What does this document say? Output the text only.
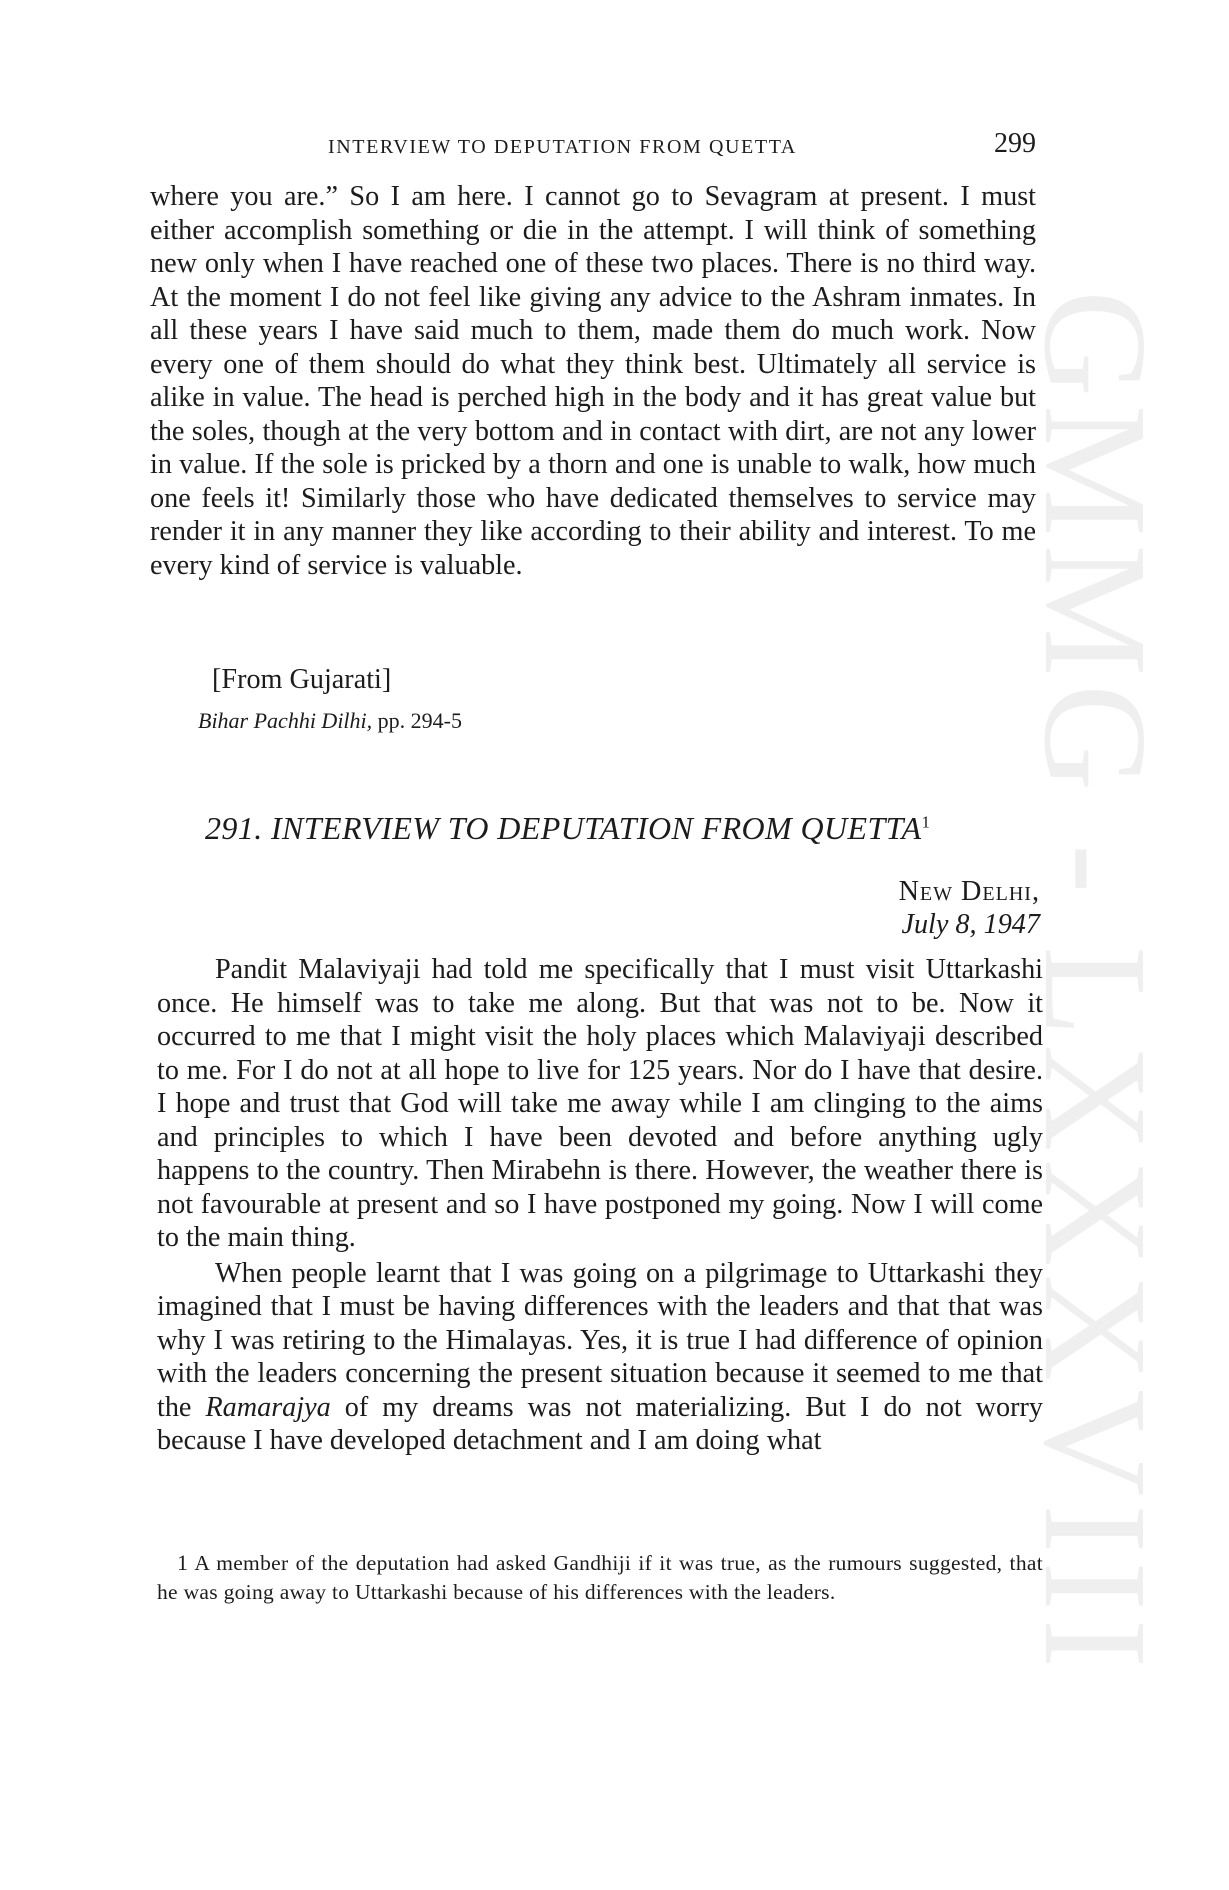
GMMG - LXXXVIII
INTERVIEW TO DEPUTATION FROM QUETTA	299

where you are.” So I am here. I cannot go to Sevagram at present. I must either accomplish something or die in the attempt. I will think of something new only when I have reached one of these two places. There is no third way. At the moment I do not feel like giving any advice to the Ashram inmates. In all these years I have said much to them, made them do much work. Now every one of them should do what they think best. Ultimately all service is alike in value. The head is perched high in the body and it has great value but the soles, though at the very bottom and in contact with dirt, are not any lower in value. If the sole is pricked by a thorn and one is unable to walk, how much one feels it! Similarly those who have dedicated themselves to service may render it in any manner they like according to their ability and interest. To me every kind of service is valuable.

[From Gujarati]
Bihar Pachhi Dilhi, pp. 294-5
291. INTERVIEW TO DEPUTATION FROM QUETTA$^1$
New Delhi,
July 8, 1947

Pandit Malaviyaji had told me specifically that I must visit Uttarkashi once. He himself was to take me along. But that was not to be. Now it occurred to me that I might visit the holy places which Malaviyaji described to me. For I do not at all hope to live for 125 years. Nor do I have that desire. I hope and trust that God will take me away while I am clinging to the aims and principles to which I have been devoted and before anything ugly happens to the country. Then Mirabehn is there. However, the weather there is not favourable at present and so I have postponed my going. Now I will come to the main thing.

When people learnt that I was going on a pilgrimage to Uttarkashi they imagined that I must be having differences with the leaders and that that was why I was retiring to the Himalayas. Yes, it is true I had difference of opinion with the leaders concerning the present situation because it seemed to me that the Ramarajya of my dreams was not materializing. But I do not worry because I have developed detachment and I am doing what

1 A member of the deputation had asked Gandhiji if it was true, as the rumours suggested, that he was going away to Uttarkashi because of his differences with the leaders.
